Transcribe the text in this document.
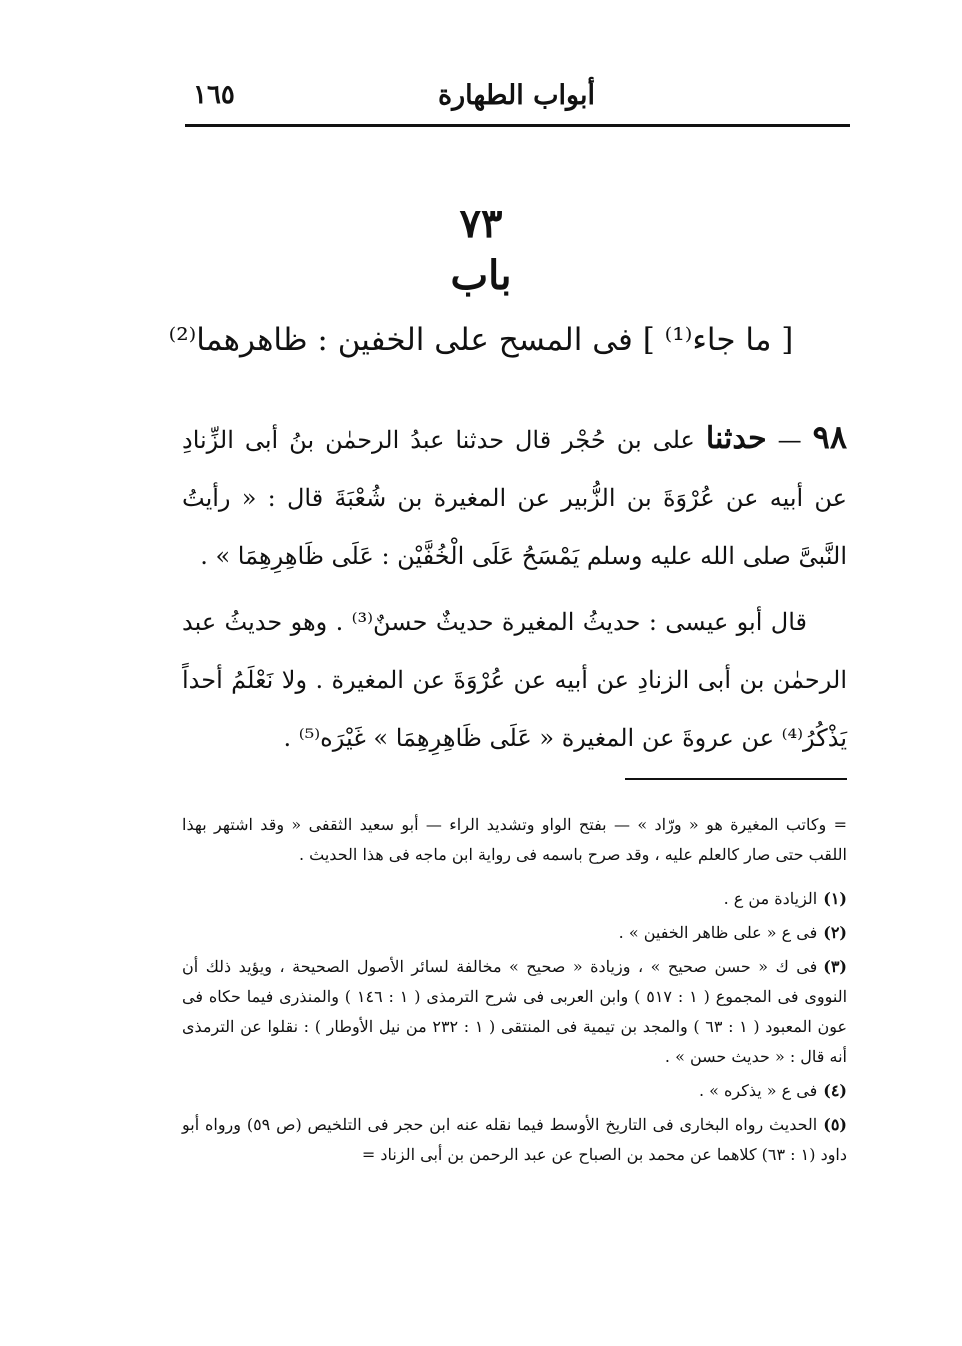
أبواب الطهارة
١٦٥
٧٣
باب
[ ما جاء⁽¹⁾ ] فى المسح على الخفين : ظاهرهما⁽²⁾

٩٨ — حدثنا على بن حُجْر قال حدثنا عبدُ الرحمٰن بنُ أبى الزِّنادِ عن أبيه عن عُرْوَةَ بن الزُّبير عن المغيرة بن شُعْبَةَ قال : « رأيتُ النَّبىَّ صلى الله عليه وسلم يَمْسَحُ عَلَى الْخُفَّيْن : عَلَى ظَاهِرِهِمَا » .

قال أبو عيسى : حديثُ المغيرة حديثٌ حسنٌ⁽³⁾ . وهو حديثُ عبد الرحمٰن بن أبى الزنادِ عن أبيه عن عُرْوَةَ عن المغيرة . ولا نَعْلَمُ أحداً يَذْكُرُ⁽⁴⁾ عن عروةَ عن المغيرة « عَلَى ظَاهِرِهِمَا » غَيْرَه⁽⁵⁾ .

= وكاتب المغيرة هو « ورّاد » — بفتح الواو وتشديد الراء — أبو سعيد الثقفى « وقد اشتهر بهذا اللقب حتى صار كالعلم عليه ، وقد صرح باسمه فى رواية ابن ماجه فى هذا الحديث .

(١)الزيادة من ع .

(٢)فى ع « على ظاهر الخفين » .

(٣)فى ك « حسن صحيح » ، وزيادة « صحيح » مخالفة لسائر الأصول الصحيحة ، ويؤيد ذلك أن النووى فى المجموع ( ١ : ٥١٧ ) وابن العربى فى شرح الترمذى ( ١ : ١٤٦ ) والمنذرى فيما حكاه فى عون المعبود ( ١ : ٦٣ ) والمجد بن تيمية فى المنتقى ( ١ : ٢٣٢ من نيل الأوطار ) : نقلوا عن الترمذى أنه قال : « حديث حسن » .

(٤)فى ع « يذكره » .

(٥)الحديث رواه البخارى فى التاريخ الأوسط فيما نقله عنه ابن حجر فى التلخيص (ص ٥٩) ورواه أبو داود (١ : ٦٣) كلاهما عن محمد بن الصباح عن عبد الرحمن بن أبى الزناد =
